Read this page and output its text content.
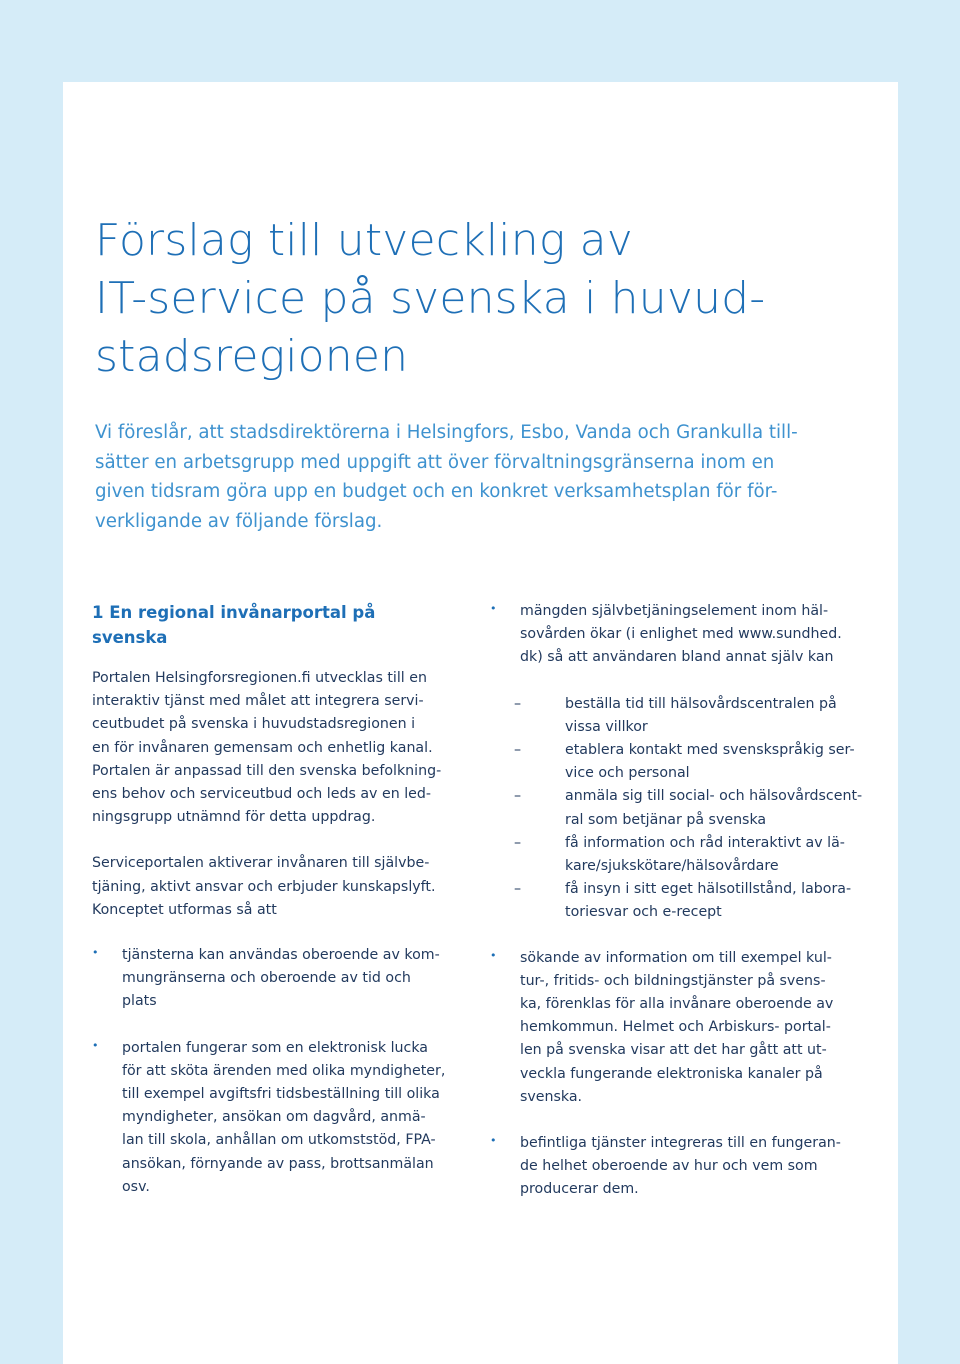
Förslag till utveckling av
IT-service på svenska i huvud-
stadsregionen

Vi föreslår, att stadsdirektörerna i Helsingfors, Esbo, Vanda och Grankulla till-
sätter en arbetsgrupp med uppgift att över förvaltningsgränserna inom en
given tidsram göra upp en budget och en konkret verksamhetsplan för för-
verkligande av följande förslag.

1 En regional invånarportal på
svenska

Portalen Helsingforsregionen.fi utvecklas till en
interaktiv tjänst med målet att integrera servi-
ceutbudet på svenska i huvudstadsregionen i
en för invånaren gemensam och enhetlig kanal.
Portalen är anpassad till den svenska befolkning-
ens behov och serviceutbud och leds av en led-
ningsgrupp utnämnd för detta uppdrag.

Serviceportalen aktiverar invånaren till självbe-
tjäning, aktivt ansvar och erbjuder kunskapslyft.
Konceptet utformas så att

•	tjänsterna kan användas oberoende av kom-
mungränserna och oberoende av tid och
plats

•	portalen fungerar som en elektronisk lucka
för att sköta ärenden med olika myndigheter,
till exempel avgiftsfri tidsbeställning till olika
myndigheter, ansökan om dagvård, anmä-
lan till skola, anhållan om utkomststöd, FPA-
ansökan, förnyande av pass, brottsanmälan
osv.

•	mängden självbetjäningselement inom häl-
sovården ökar (i enlighet med www.sundhed.
dk) så att användaren bland annat själv kan

–	beställa tid till hälsovårdscentralen på
vissa villkor

–	etablera kontakt med svenskspråkig ser-
vice och personal

–	anmäla sig till social- och hälsovårdscent-
ral som betjänar på svenska

–	få information och råd interaktivt av lä-
kare/sjukskötare/hälsovårdare

–	få insyn i sitt eget hälsotillstånd, labora-
toriesvar och e-recept

•	sökande av information om till exempel kul-
tur-, fritids- och bildningstjänster på svens-
ka, förenklas för alla invånare oberoende av
hemkommun. Helmet och Arbiskurs- portal-
len på svenska visar att det har gått att ut-
veckla fungerande elektroniska kanaler på
svenska.

•	befintliga tjänster integreras till en fungeran-
de helhet oberoende av hur och vem som
producerar dem.
